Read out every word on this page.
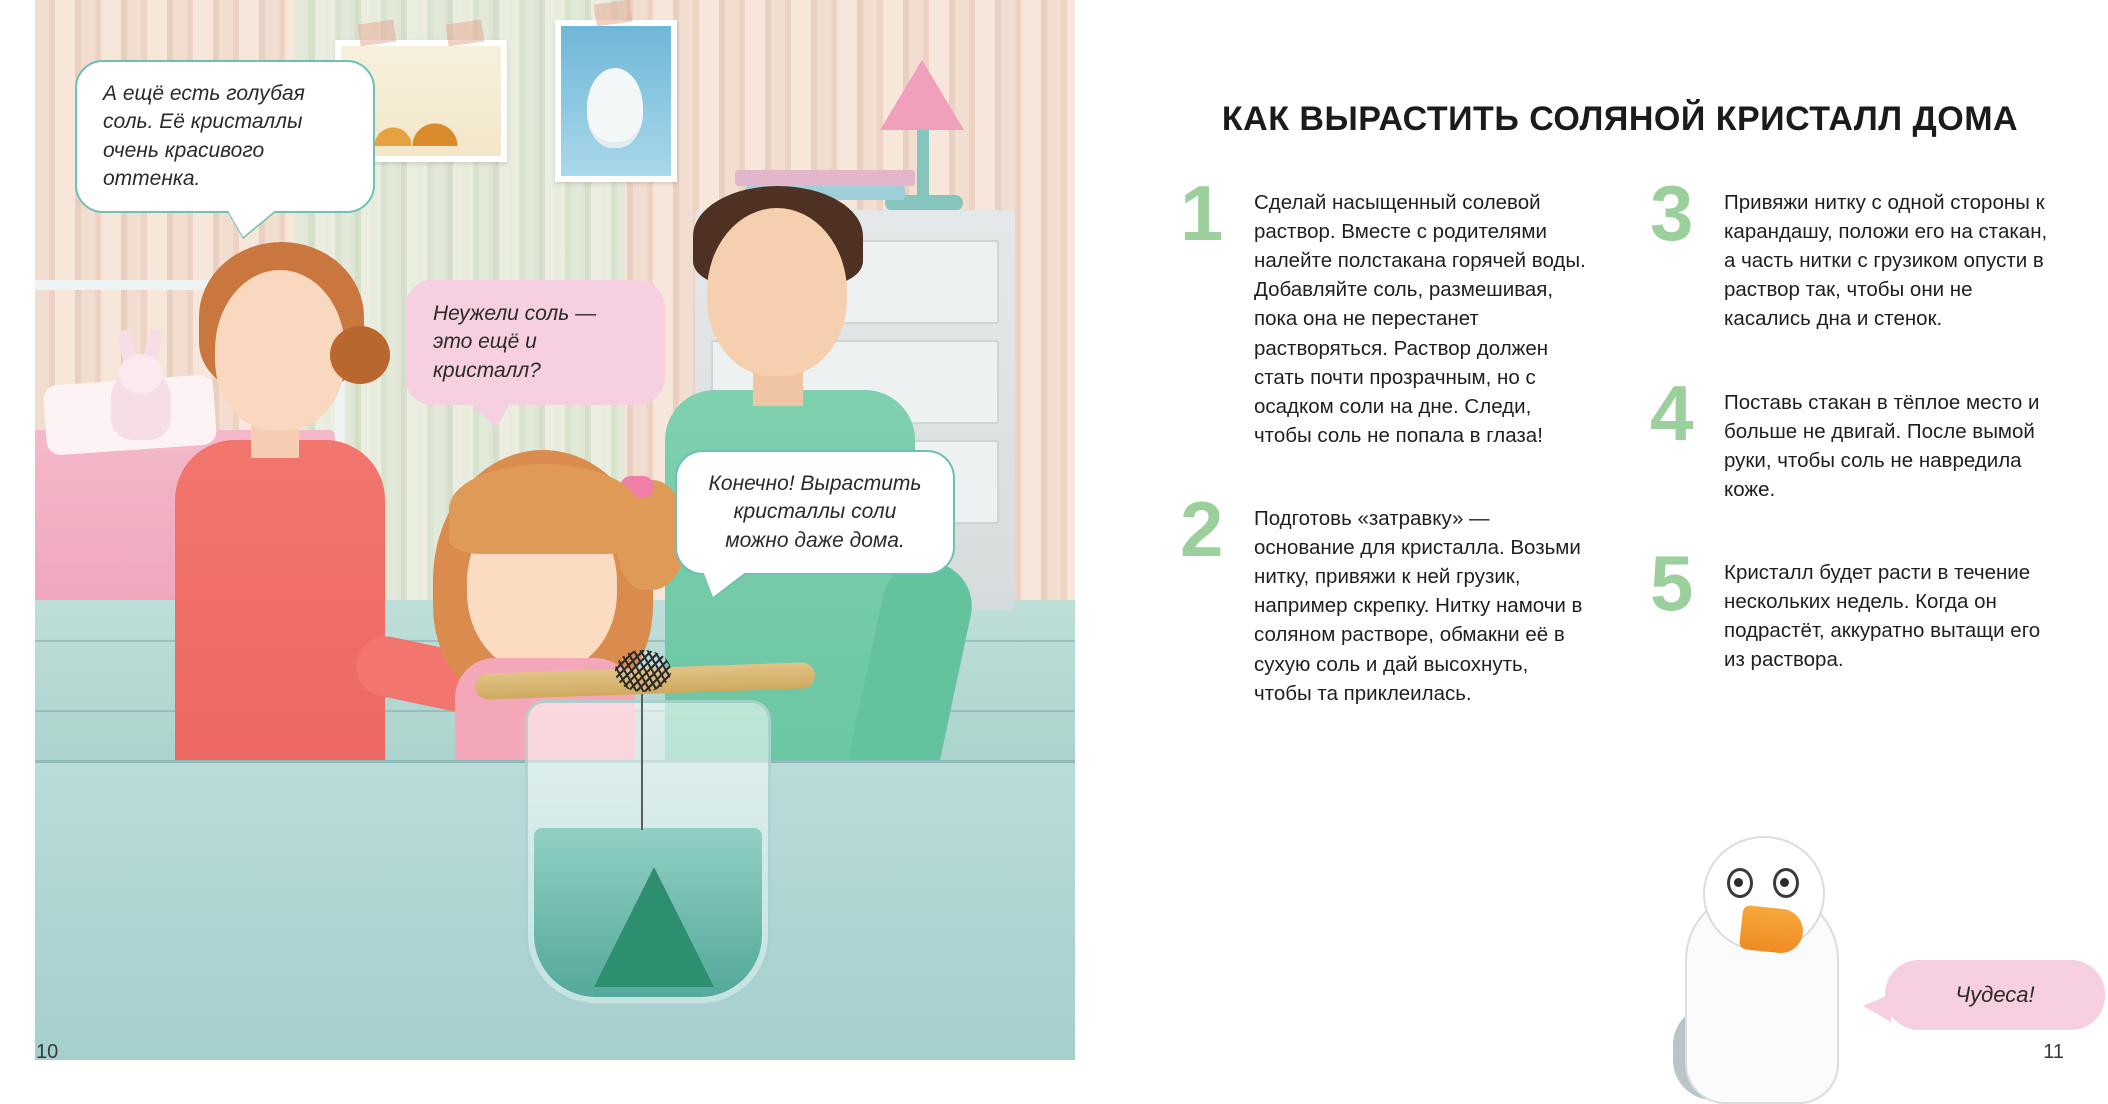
А ещё есть голубая соль. Её кристаллы очень красивого оттенка.
Неужели соль — это ещё и кристалл?
Конечно! Вырастить кристаллы соли можно даже дома.
10
КАК ВЫРАСТИТЬ СОЛЯНОЙ КРИСТАЛЛ ДОМА
1	Сделай насыщенный солевой раствор. Вместе с родителями налейте полстакана горячей воды. Добавляйте соль, размешивая, пока она не перестанет растворяться. Раствор должен стать почти прозрачным, но с осадком соли на дне. Следи, чтобы соль не попала в глаза!
2	Подготовь «затравку» — основание для кристалла. Возьми нитку, привяжи к ней грузик, например скрепку. Нитку намочи в соляном растворе, обмакни её в сухую соль и дай высохнуть, чтобы та приклеилась.
3	Привяжи нитку с одной стороны к карандашу, положи его на стакан, а часть нитки с грузиком опусти в раствор так, чтобы они не касались дна и стенок.
4	Поставь стакан в тёплое место и больше не двигай. После вымой руки, чтобы соль не навредила коже.
5	Кристалл будет расти в течение нескольких недель. Когда он подрастёт, аккуратно вытащи его из раствора.
Чудеса!
11
